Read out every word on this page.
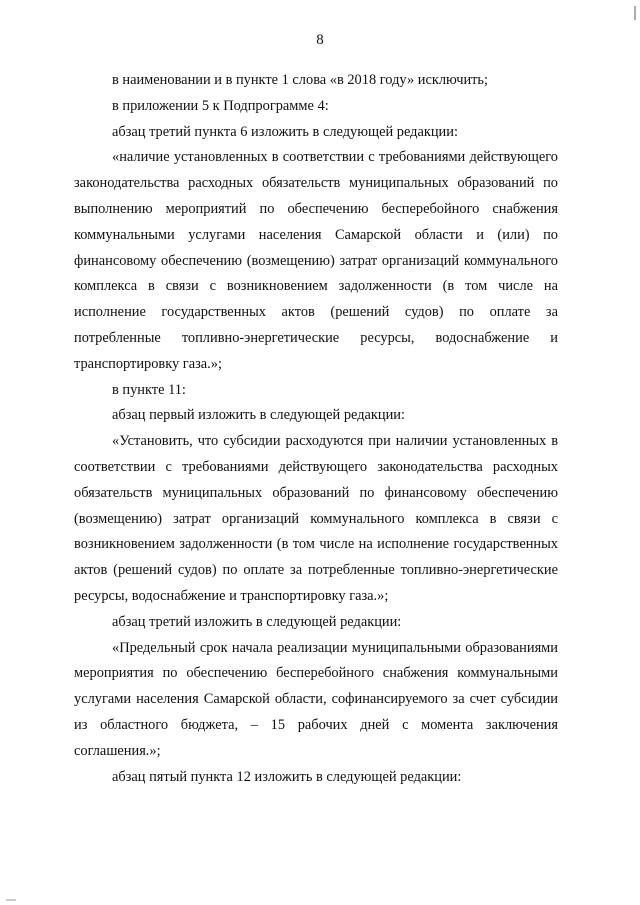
8

в наименовании и в пункте 1 слова «в 2018 году» исключить;

в приложении 5 к Подпрограмме 4:

абзац третий пункта 6 изложить в следующей редакции:

«наличие установленных в соответствии с требованиями действующего законодательства расходных обязательств муниципальных образований по выполнению мероприятий по обеспечению бесперебойного снабжения коммунальными услугами населения Самарской области и (или) по финансовому обеспечению (возмещению) затрат организаций коммунального комплекса в связи с возникновением задолженности (в том числе на исполнение государственных актов (решений судов) по оплате за потребленные топливно-энергетические ресурсы, водоснабжение и транспортировку газа.»;

в пункте 11:

абзац первый изложить в следующей редакции:

«Установить, что субсидии расходуются при наличии установленных в соответствии с требованиями действующего законодательства расходных обязательств муниципальных образований по финансовому обеспечению (возмещению) затрат организаций коммунального комплекса в связи с возникновением задолженности (в том числе на исполнение государственных актов (решений судов) по оплате за потребленные топливно-энергетические ресурсы, водоснабжение и транспортировку газа.»;

абзац третий изложить в следующей редакции:

«Предельный срок начала реализации муниципальными образованиями мероприятия по обеспечению бесперебойного снабжения коммунальными услугами населения Самарской области, софинансируемого за счет субсидии из областного бюджета, – 15 рабочих дней с момента заключения соглашения.»;

абзац пятый пункта 12 изложить в следующей редакции:
